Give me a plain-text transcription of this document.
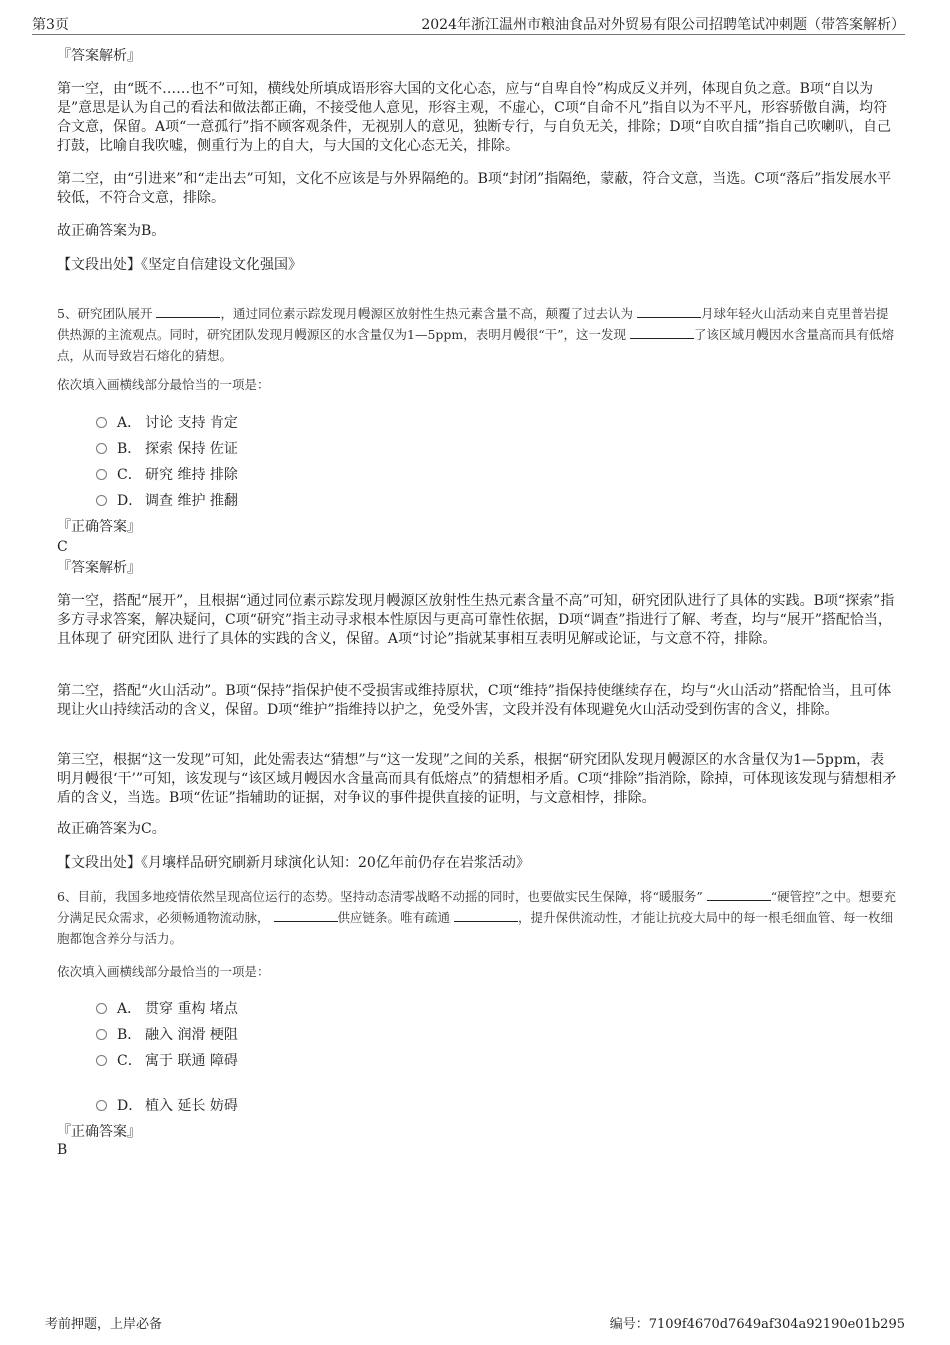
第3页	2024年浙江温州市粮油食品对外贸易有限公司招聘笔试冲刺题（带答案解析）
『答案解析』
第一空，由“既不……也不”可知，横线处所填成语形容大国的文化心态，应与“自卑自怜”构成反义并列，体现自负之意。B项“自以为是”意思是认为自己的看法和做法都正确，不接受他人意见，形容主观，不虚心，C项“自命不凡”指自以为不平凡，形容骄傲自满，均符合文意，保留。A项“一意孤行”指不顾客观条件，无视别人的意见，独断专行，与自负无关，排除；D项“自吹自擂”指自己吹喇叭，自己打鼓，比喻自我吹嘘，侧重行为上的自大，与大国的文化心态无关，排除。
第二空，由“引进来”和“走出去”可知，文化不应该是与外界隔绝的。B项“封闭”指隔绝，蒙蔽，符合文意，当选。C项“落后”指发展水平较低，不符合文意，排除。
故正确答案为B。
【文段出处】《坚定自信建设文化强国》
5、研究团队展开	，通过同位素示踪发现月幔源区放射性生热元素含量不高，颠覆了过去认为	月球年轻火山活动来自克里普岩提供热源的主流观点。同时，研究团队发现月幔源区的水含量仅为1—5ppm，表明月幔很“干”，这一发现	了该区域月幔因水含量高而具有低熔点，从而导致岩石熔化的猜想。
依次填入画横线部分最恰当的一项是：
A． 讨论 支持 肯定
B． 探索 保持 佐证
C． 研究 维持 排除
D． 调查 维护 推翻
『正确答案』
C
『答案解析』
第一空，搭配“展开”，且根据“通过同位素示踪发现月幔源区放射性生热元素含量不高”可知，研究团队进行了具体的实践。B项“探索”指多方寻求答案，解决疑问，C项“研究”指主动寻求根本性原因与更高可靠性依据，D项“调查”指进行了解、考查，均与“展开”搭配恰当，且体现了 研究团队 进行了具体的实践的含义，保留。A项“讨论”指就某事相互表明见解或论证，与文意不符，排除。
第二空，搭配“火山活动”。B项“保持”指保护使不受损害或维持原状，C项“维持”指保持使继续存在，均与“火山活动”搭配恰当，且可体现让火山持续活动的含义，保留。D项“维护”指维持以护之，免受外害，文段并没有体现避免火山活动受到伤害的含义，排除。
第三空，根据“这一发现”可知，此处需表达“猜想”与“这一发现”之间的关系，根据“研究团队发现月幔源区的水含量仅为1—5ppm，表明月幔很‘干’”可知，该发现与“该区域月幔因水含量高而具有低熔点”的猜想相矛盾。C项“排除”指消除，除掉，可体现该发现与猜想相矛盾的含义，当选。B项“佐证”指辅助的证据，对争议的事件提供直接的证明，与文意相悖，排除。
故正确答案为C。
【文段出处】《月壤样品研究刷新月球演化认知：20亿年前仍存在岩浆活动》
6、目前，我国多地疫情依然呈现高位运行的态势。坚持动态清零战略不动摇的同时，也要做实民生保障，将“暖服务”	“硬管控”之中。想要充分满足民众需求，必须畅通物流动脉，	供应链条。唯有疏通	，提升保供流动性，才能让抗疫大局中的每一根毛细血管、每一枚细胞都饱含养分与活力。
依次填入画横线部分最恰当的一项是：
A． 贯穿 重构 堵点
B． 融入 润滑 梗阻
C． 寓于 联通 障碍
D． 植入 延长 妨碍
『正确答案』
B
考前押题，上岸必备	编号：7109f4670d7649af304a92190e01b295
